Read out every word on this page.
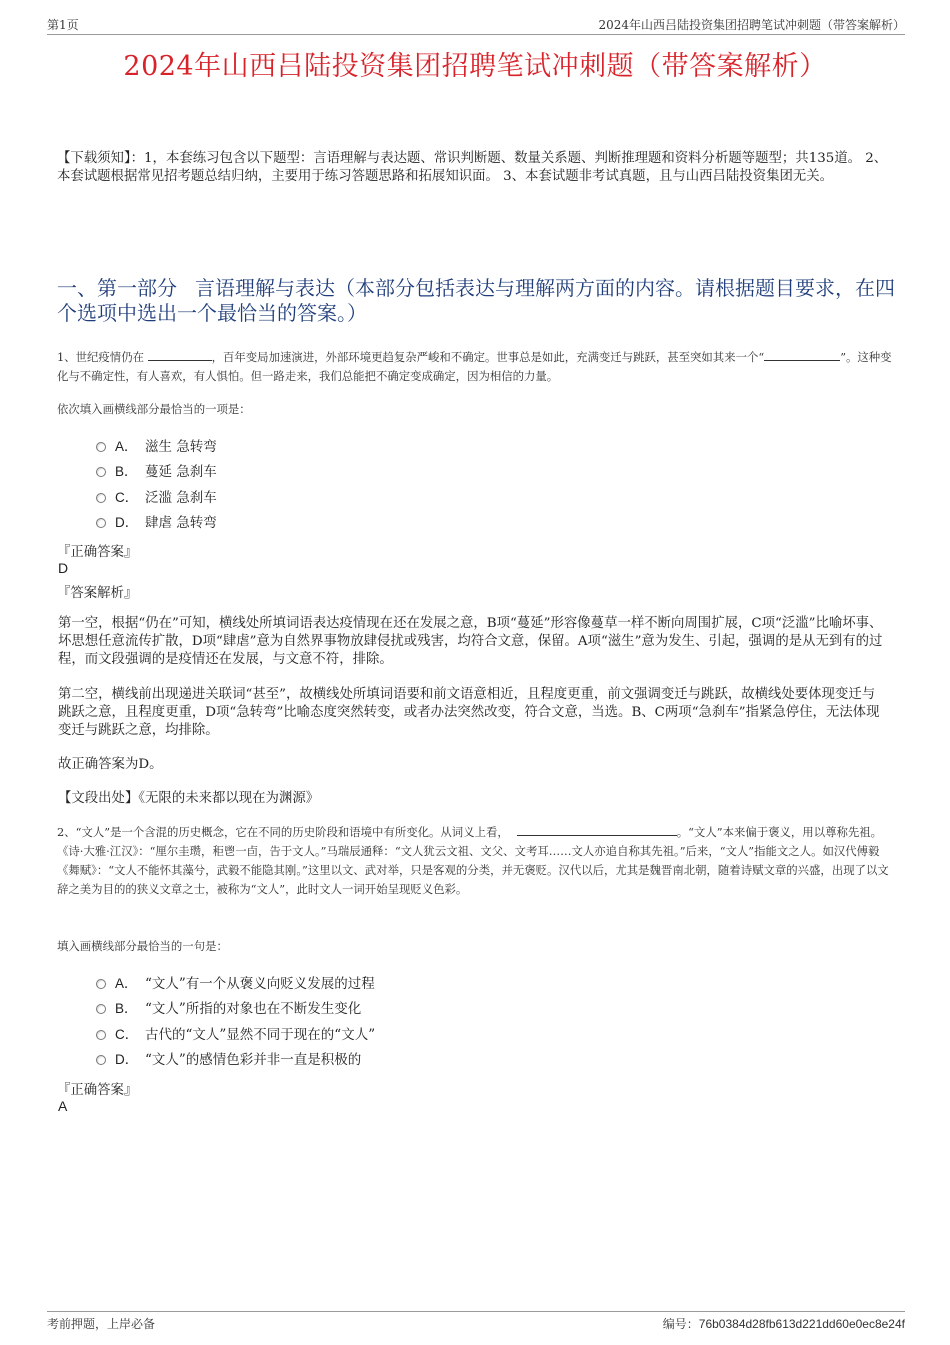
第1页	2024年山西吕陆投资集团招聘笔试冲刺题（带答案解析）
2024年山西吕陆投资集团招聘笔试冲刺题（带答案解析）
【下载须知】：1，本套练习包含以下题型：言语理解与表达题、常识判断题、数量关系题、判断推理题和资料分析题等题型；共135道。 2、本套试题根据常见招考题总结归纳，主要用于练习答题思路和拓展知识面。 3、本套试题非考试真题，且与山西吕陆投资集团无关。
一、第一部分 言语理解与表达（本部分包括表达与理解两方面的内容。请根据题目要求，在四个选项中选出一个最恰当的答案。）
1、世纪疫情仍在	，百年变局加速演进，外部环境更趋复杂严峻和不确定。世事总是如此，充满变迁与跳跃，甚至突如其来一个“	”。这种变化与不确定性，有人喜欢，有人惧怕。但一路走来，我们总能把不确定变成确定，因为相信的力量。
依次填入画横线部分最恰当的一项是：
A． 滋生 急转弯
B． 蔓延 急刹车
C． 泛滥 急刹车
D． 肆虐 急转弯
『正确答案』
D
『答案解析』
第一空，根据“仍在”可知，横线处所填词语表达疫情现在还在发展之意，B项“蔓延”形容像蔓草一样不断向周围扩展，C项“泛滥”比喻坏事、坏思想任意流传扩散，D项“肆虐”意为自然界事物放肆侵扰或残害，均符合文意，保留。A项“滋生”意为发生、引起，强调的是从无到有的过程，而文段强调的是疫情还在发展，与文意不符，排除。
第二空，横线前出现递进关联词“甚至”，故横线处所填词语要和前文语意相近，且程度更重，前文强调变迁与跳跃，故横线处要体现变迁与跳跃之意，且程度更重，D项“急转弯”比喻态度突然转变，或者办法突然改变，符合文意，当选。B、C两项“急刹车”指紧急停住，无法体现变迁与跳跃之意，均排除。
故正确答案为D。
【文段出处】《无限的未来都以现在为渊源》
2、“文人”是一个含混的历史概念，它在不同的历史阶段和语境中有所变化。从词义上看，	。“文人”本来偏于褒义，用以尊称先祖。《诗·大雅·江汉》：“厘尔圭瓒，秬鬯一卣，告于文人。”马瑞辰通释：“文人犹云文祖、文父、文考耳……文人亦追自称其先祖。”后来，“文人”指能文之人。如汉代傅毅《舞赋》：“文人不能怀其藻兮，武毅不能隐其刚。”这里以文、武对举，只是客观的分类，并无褒贬。汉代以后，尤其是魏晋南北朝，随着诗赋文章的兴盛，出现了以文辞之美为目的的狭义文章之士，被称为“文人”，此时文人一词开始呈现贬义色彩。
填入画横线部分最恰当的一句是：
A． “文人”有一个从褒义向贬义发展的过程
B． “文人”所指的对象也在不断发生变化
C． 古代的“文人”显然不同于现在的“文人”
D． “文人”的感情色彩并非一直是积极的
『正确答案』
A
考前押题，上岸必备	编号：76b0384d28fb613d221dd60e0ec8e24f
